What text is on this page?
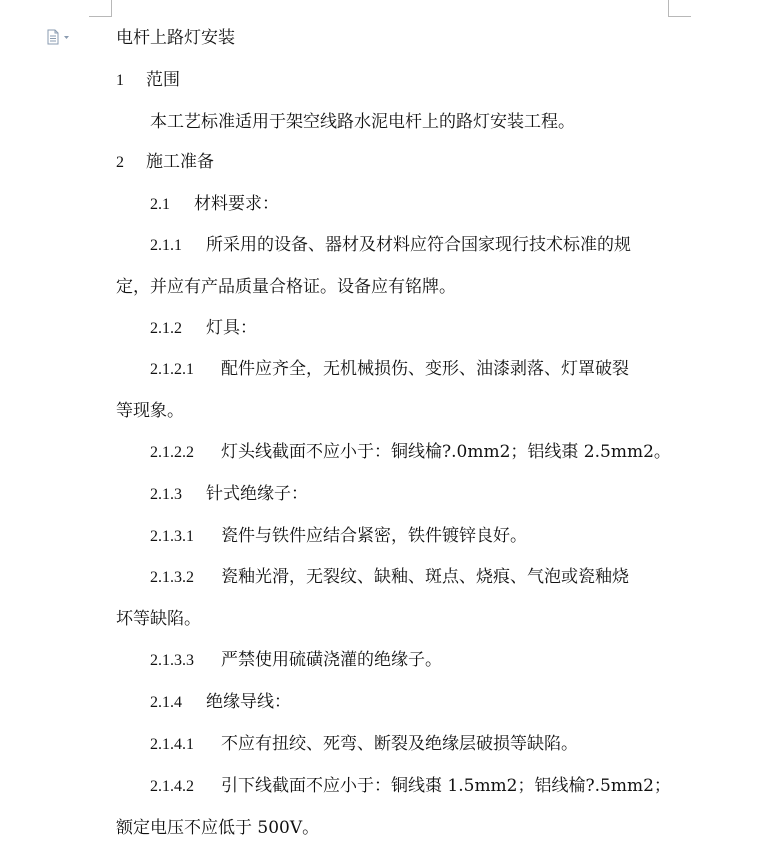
电杆上路灯安装
1 范围
本工艺标准适用于架空线路水泥电杆上的路灯安装工程。
2 施工准备
2.1 材料要求：
2.1.1 所采用的设备、器材及材料应符合国家现行技术标准的规
定，并应有产品质量合格证。设备应有铭牌。
2.1.2 灯具：
2.1.2.1 配件应齐全，无机械损伤、变形、油漆剥落、灯罩破裂
等现象。
2.1.2.2 灯头线截面不应小于：铜线棆?.0mm2；铝线棗 2.5mm2。
2.1.3 针式绝缘子：
2.1.3.1 瓷件与铁件应结合紧密，铁件镀锌良好。
2.1.3.2 瓷釉光滑，无裂纹、缺釉、斑点、烧痕、气泡或瓷釉烧
坏等缺陷。
2.1.3.3 严禁使用硫磺浇灌的绝缘子。
2.1.4 绝缘导线：
2.1.4.1 不应有扭绞、死弯、断裂及绝缘层破损等缺陷。
2.1.4.2 引下线截面不应小于：铜线棗 1.5mm2；铝线棆?.5mm2；
额定电压不应低于 500V。
